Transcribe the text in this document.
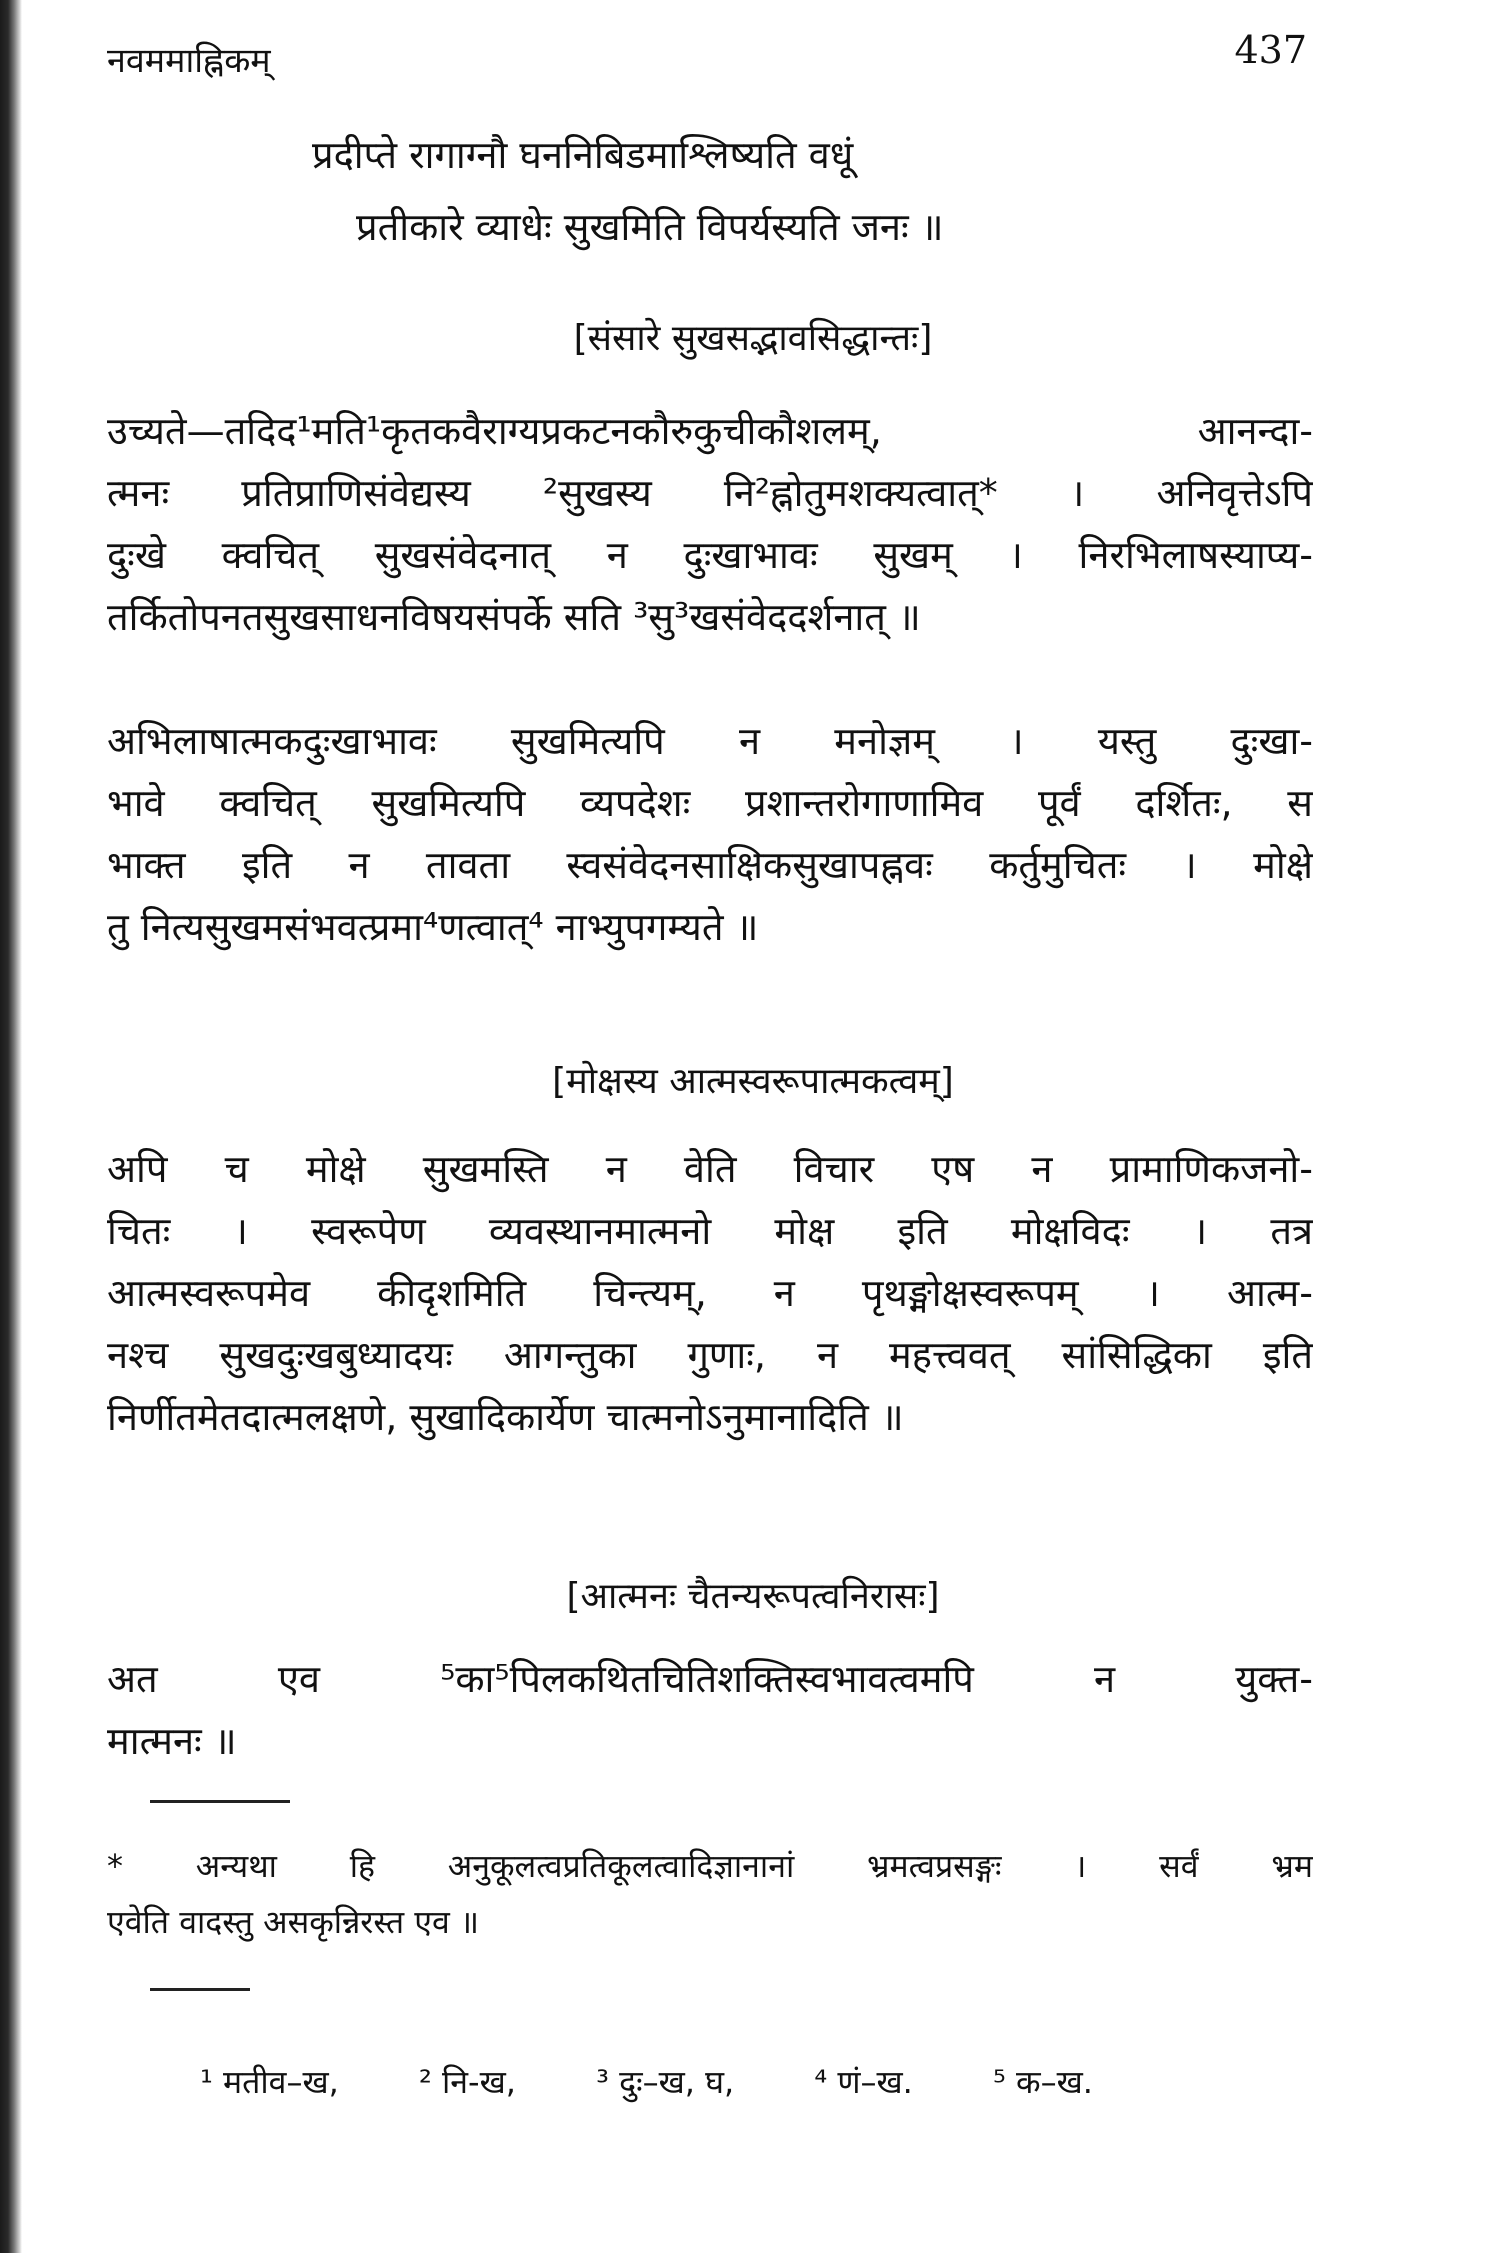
नवममाह्निकम्	437
प्रदीप्ते रागाग्नौ घननिबिडमाश्लिष्यति वधूं
प्रतीकारे व्याधेः सुखमिति विपर्यस्यति जनः ॥
[संसारे सुखसद्भावसिद्धान्तः]
उच्यते—तदिद¹मति¹कृतकवैराग्यप्रकटनकौरुकुचीकौशलम्, आनन्दा-
त्मनः प्रतिप्राणिसंवेद्यस्य ²सुखस्य नि²ह्नोतुमशक्यत्वात्* । अनिवृत्तेऽपि
दुःखे क्वचित् सुखसंवेदनात् न दुःखाभावः सुखम् । निरभिलाषस्याप्य-
तर्कितोपनतसुखसाधनविषयसंपर्के सति ³सु³खसंवेददर्शनात् ॥
अभिलाषात्मकदुःखाभावः सुखमित्यपि न मनोज्ञम् । यस्तु दुःखा-
भावे क्वचित् सुखमित्यपि व्यपदेशः प्रशान्तरोगाणामिव पूर्वं दर्शितः, स
भाक्त इति न तावता स्वसंवेदनसाक्षिकसुखापह्नवः कर्तुमुचितः । मोक्षे
तु नित्यसुखमसंभवत्प्रमा⁴णत्वात्⁴ नाभ्युपगम्यते ॥
[मोक्षस्य आत्मस्वरूपात्मकत्वम्]
अपि च मोक्षे सुखमस्ति न वेति विचार एष न प्रामाणिकजनो-
चितः । स्वरूपेण व्यवस्थानमात्मनो मोक्ष इति मोक्षविदः । तत्र
आत्मस्वरूपमेव कीदृशमिति चिन्त्यम्, न पृथङ्मोक्षस्वरूपम् । आत्म-
नश्च सुखदुःखबुध्यादयः आगन्तुका गुणाः, न महत्त्ववत् सांसिद्धिका इति
निर्णीतमेतदात्मलक्षणे, सुखादिकार्येण चात्मनोऽनुमानादिति ॥
[आत्मनः चैतन्यरूपत्वनिरासः]
अत एव ⁵का⁵पिलकथितचितिशक्तिस्वभावत्वमपि न युक्त-
मात्मनः ॥
* अन्यथा हि अनुकूलत्वप्रतिकूलत्वादिज्ञानानां भ्रमत्वप्रसङ्गः । सर्वं भ्रम
एवेति वादस्तु असकृन्निरस्त एव ॥
¹ मतीव–ख,	² नि-ख,	³ दुः–ख, घ,	⁴ णं–ख.	⁵ क–ख.
